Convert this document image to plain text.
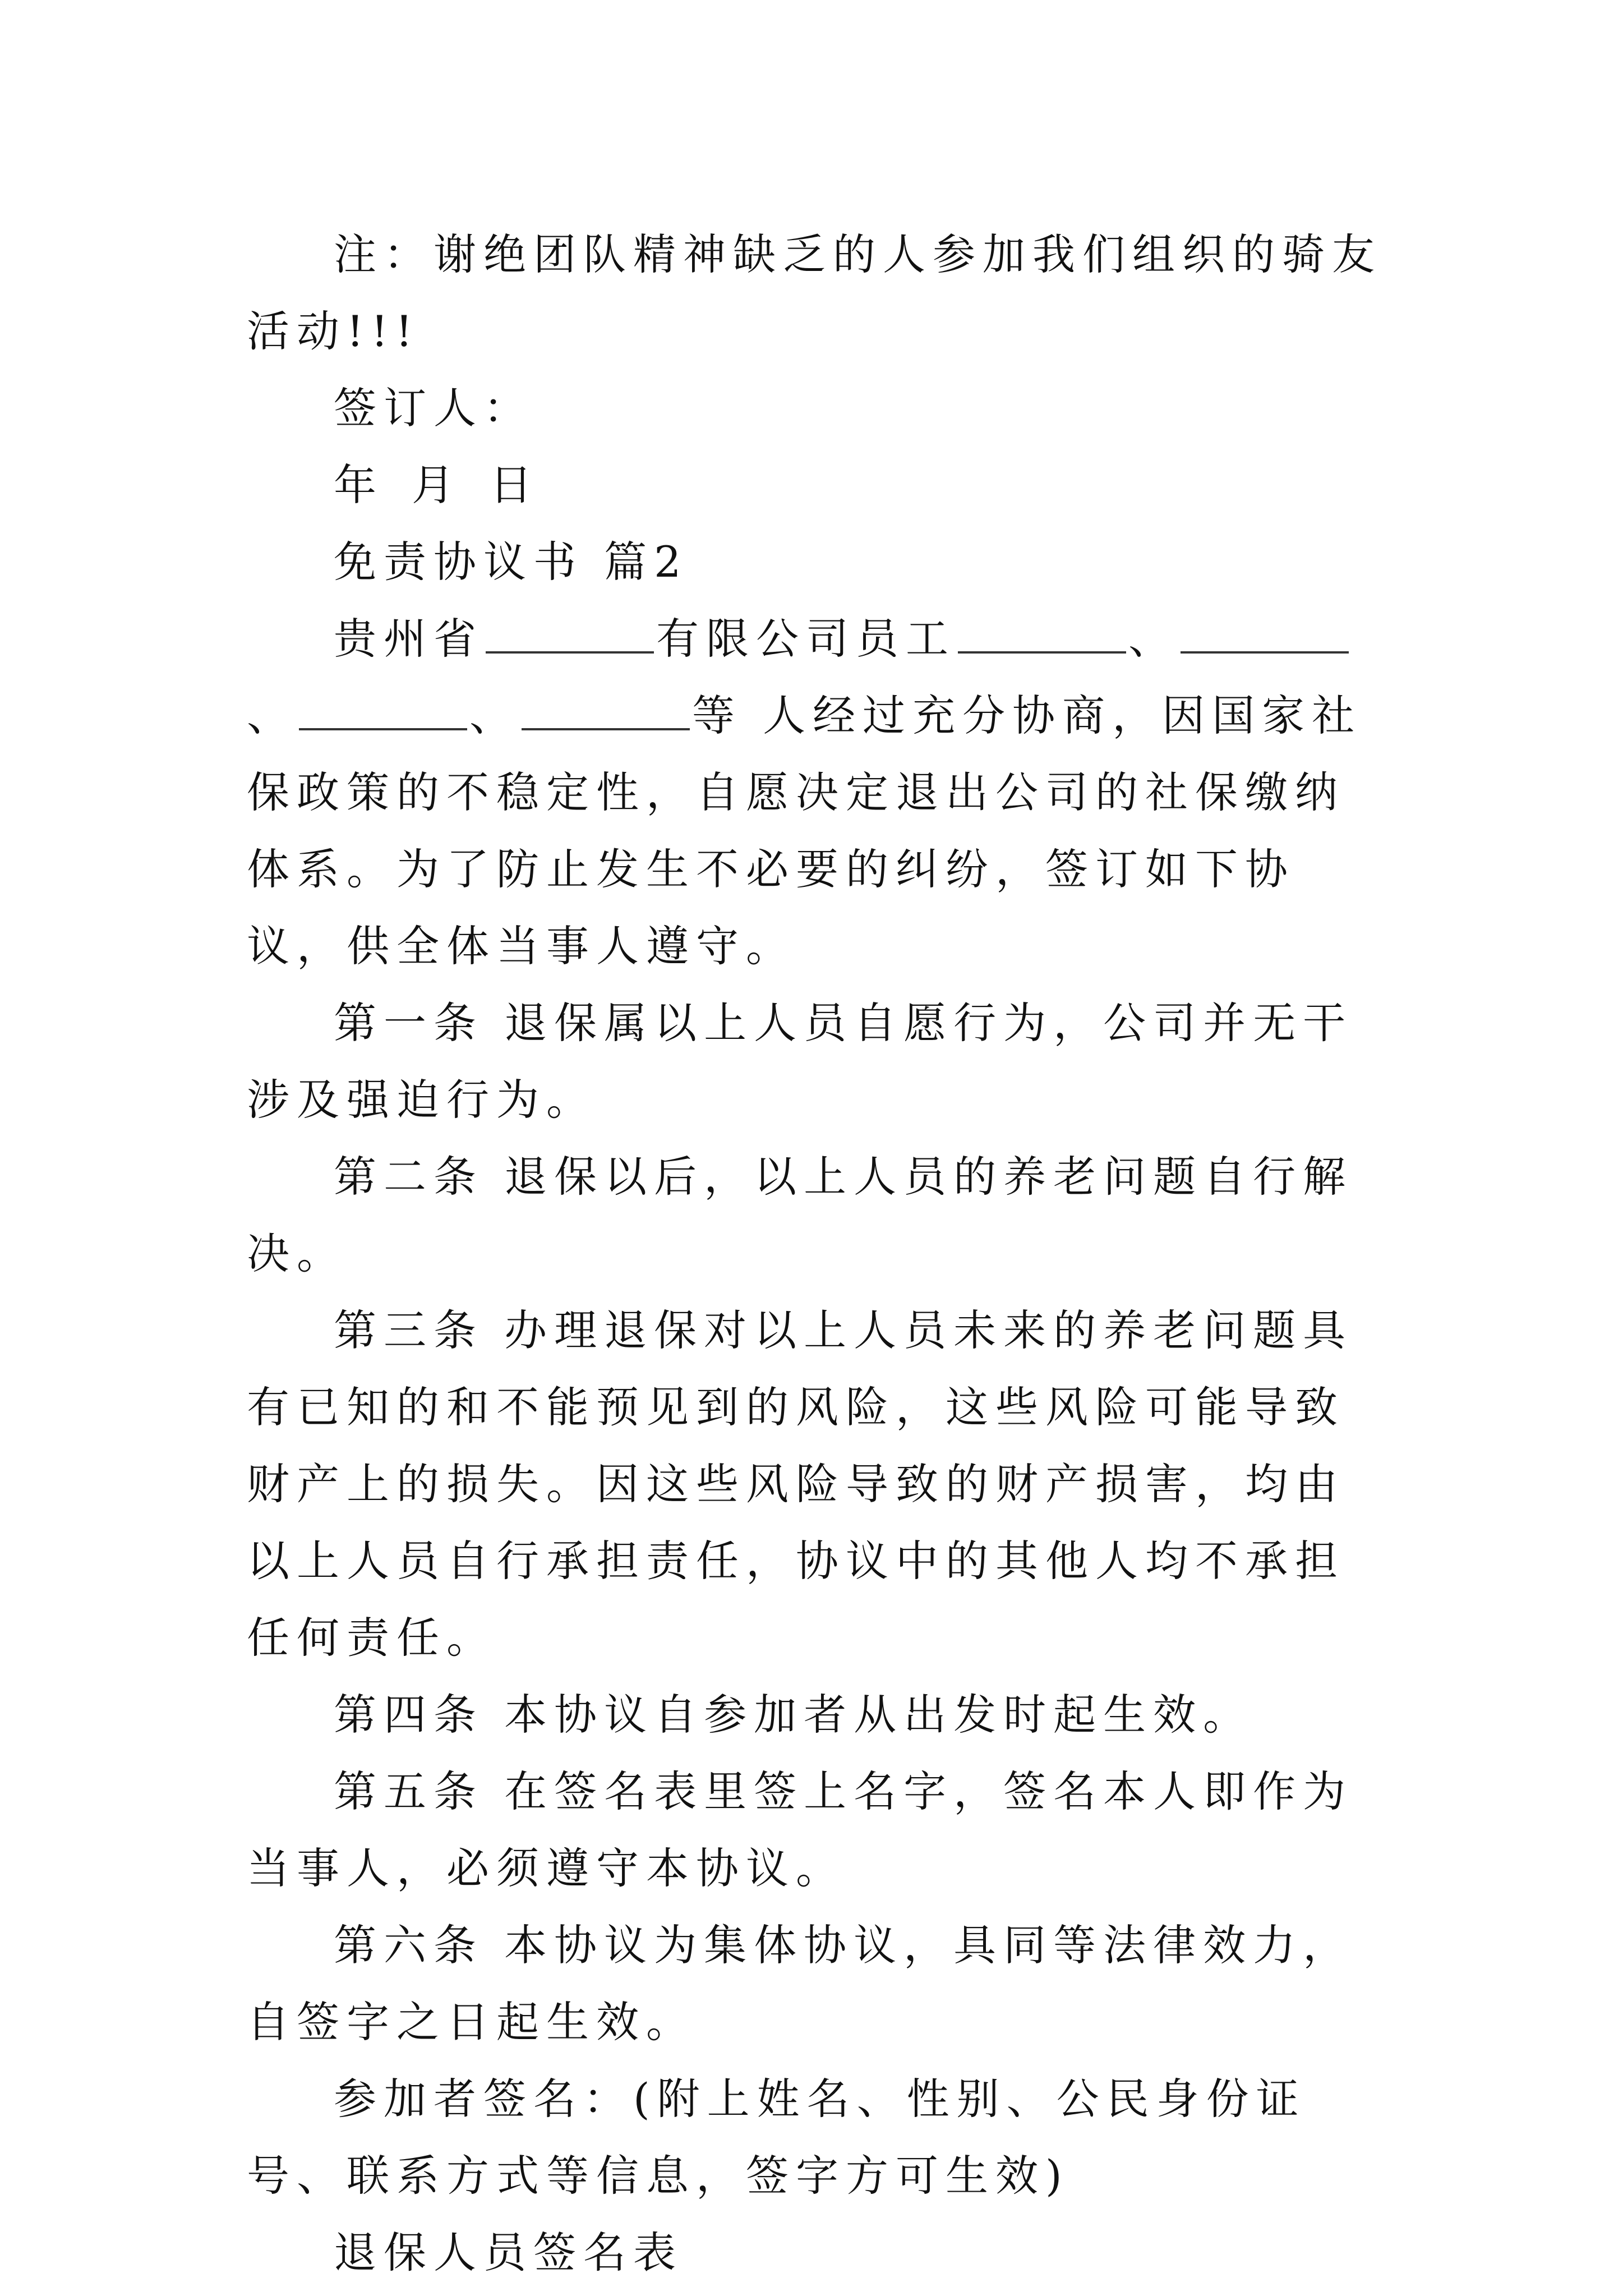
注：谢绝团队精神缺乏的人参加我们组织的骑友活动!!!

签订人：

年 月 日

免责协议书 篇2

贵州省	有限公司员工	、、	、	等 人经过充分协商，因国家社保政策的不稳定性，自愿决定退出公司的社保缴纳体系。为了防止发生不必要的纠纷，签订如下协议，供全体当事人遵守。

第一条 退保属以上人员自愿行为，公司并无干涉及强迫行为。

第二条 退保以后，以上人员的养老问题自行解决。

第三条 办理退保对以上人员未来的养老问题具有已知的和不能预见到的风险，这些风险可能导致财产上的损失。因这些风险导致的财产损害，均由以上人员自行承担责任，协议中的其他人均不承担任何责任。

第四条 本协议自参加者从出发时起生效。

第五条 在签名表里签上名字，签名本人即作为当事人，必须遵守本协议。

第六条 本协议为集体协议，具同等法律效力，自签字之日起生效。

参加者签名：(附上姓名、性别、公民身份证号、联系方式等信息，签字方可生效)

退保人员签名表
